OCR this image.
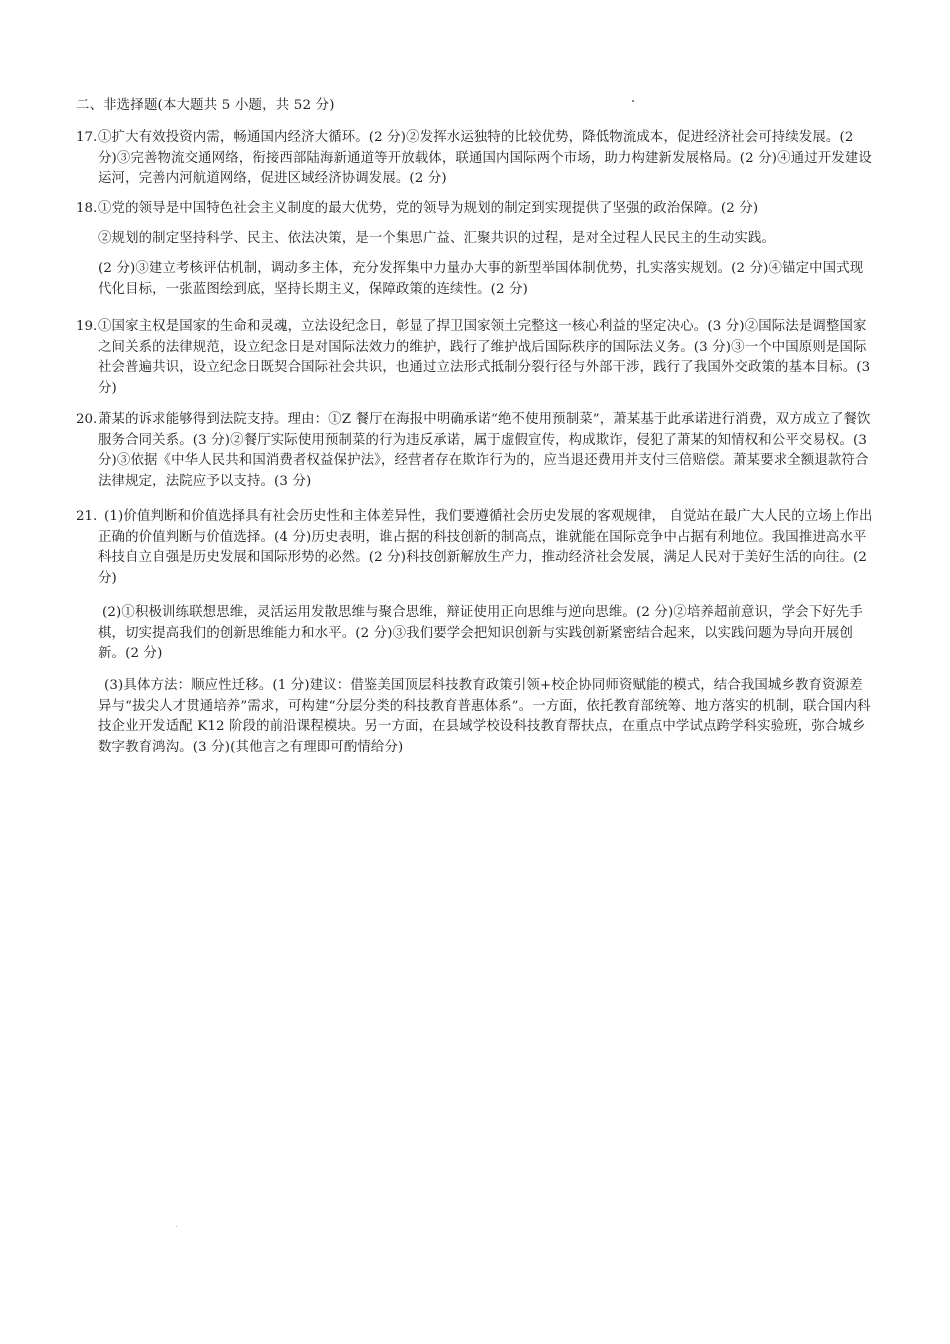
二、非选择题(本大题共 5 小题，共 52 分)
17. ①扩大有效投资内需，畅通国内经济大循环。(2 分)②发挥水运独特的比较优势，降低物流成本，促进经济社会可持续发展。(2 分)③完善物流交通网络，衔接西部陆海新通道等开放载体，联通国内国际两个市场，助力构建新发展格局。(2 分)④通过开发建设运河，完善内河航道网络，促进区域经济协调发展。(2 分)
18. ①党的领导是中国特色社会主义制度的最大优势，党的领导为规划的制定到实现提供了坚强的政治保障。(2 分)
②规划的制定坚持科学、民主、依法决策，是一个集思广益、汇聚共识的过程，是对全过程人民民主的生动实践。
(2 分)③建立考核评估机制，调动多主体，充分发挥集中力量办大事的新型举国体制优势，扎实落实规划。(2 分)④锚定中国式现代化目标，一张蓝图绘到底，坚持长期主义，保障政策的连续性。(2 分)
19. ①国家主权是国家的生命和灵魂，立法设纪念日，彰显了捍卫国家领土完整这一核心利益的坚定决心。(3 分)②国际法是调整国家之间关系的法律规范，设立纪念日是对国际法效力的维护，践行了维护战后国际秩序的国际法义务。(3 分)③一个中国原则是国际社会普遍共识，设立纪念日既契合国际社会共识，也通过立法形式抵制分裂行径与外部干涉，践行了我国外交政策的基本目标。(3 分)
20. 萧某的诉求能够得到法院支持。理由：①Z 餐厅在海报中明确承诺“绝不使用预制菜”，萧某基于此承诺进行消费，双方成立了餐饮服务合同关系。(3 分)②餐厅实际使用预制菜的行为违反承诺，属于虚假宣传，构成欺诈，侵犯了萧某的知情权和公平交易权。(3 分)③依据《中华人民共和国消费者权益保护法》，经营者存在欺诈行为的，应当退还费用并支付三倍赔偿。萧某要求全额退款符合法律规定，法院应予以支持。(3 分)
21. (1)价值判断和价值选择具有社会历史性和主体差异性，我们要遵循社会历史发展的客观规律， 自觉站在最广大人民的立场上作出正确的价值判断与价值选择。(4 分)历史表明，谁占据的科技创新的制高点，谁就能在国际竞争中占据有利地位。我国推进高水平科技自立自强是历史发展和国际形势的必然。(2 分)科技创新解放生产力，推动经济社会发展，满足人民对于美好生活的向往。(2 分)
(2)①积极训练联想思维，灵活运用发散思维与聚合思维，辩证使用正向思维与逆向思维。(2 分)②培养超前意识，学会下好先手棋，切实提高我们的创新思维能力和水平。(2 分)③我们要学会把知识创新与实践创新紧密结合起来，以实践问题为导向开展创新。(2 分)
(3)具体方法：顺应性迁移。(1 分)建议：借鉴美国顶层科技教育政策引领+校企协同师资赋能的模式，结合我国城乡教育资源差异与“拔尖人才贯通培养”需求，可构建“分层分类的科技教育普惠体系”。一方面，依托教育部统筹、地方落实的机制，联合国内科技企业开发适配 K12 阶段的前沿课程模块。另一方面，在县域学校设科技教育帮扶点，在重点中学试点跨学科实验班，弥合城乡数字教育鸿沟。(3 分)(其他言之有理即可酌情给分)
